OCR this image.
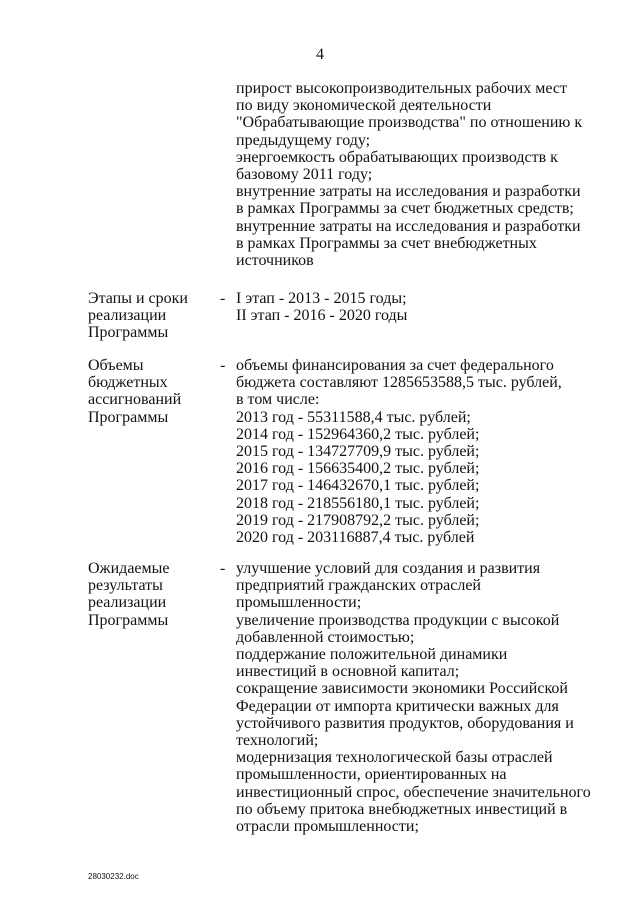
4
прирост высокопроизводительных рабочих мест
по виду экономической деятельности
"Обрабатывающие производства" по отношению к
предыдущему году;
энергоемкость обрабатывающих производств к
базовому 2011 году;
внутренние затраты на исследования и разработки
в рамках Программы за счет бюджетных средств;
внутренние затраты на исследования и разработки
в рамках Программы за счет внебюджетных
источников
Этапы и сроки
реализации
Программы
- I этап - 2013 - 2015 годы;
II этап - 2016 - 2020 годы
Объемы
бюджетных
ассигнований
Программы
- объемы финансирования за счет федерального
бюджета составляют 1285653588,5 тыс. рублей,
в том числе:
2013 год - 55311588,4 тыс. рублей;
2014 год - 152964360,2 тыс. рублей;
2015 год - 134727709,9 тыс. рублей;
2016 год - 156635400,2 тыс. рублей;
2017 год - 146432670,1 тыс. рублей;
2018 год - 218556180,1 тыс. рублей;
2019 год - 217908792,2 тыс. рублей;
2020 год - 203116887,4 тыс. рублей
Ожидаемые
результаты
реализации
Программы
- улучшение условий для создания и развития
предприятий гражданских отраслей
промышленности;
увеличение производства продукции с высокой
добавленной стоимостью;
поддержание положительной динамики
инвестиций в основной капитал;
сокращение зависимости экономики Российской
Федерации от импорта критически важных для
устойчивого развития продуктов, оборудования и
технологий;
модернизация технологической базы отраслей
промышленности, ориентированных на
инвестиционный спрос, обеспечение значительного
по объему притока внебюджетных инвестиций в
отрасли промышленности;
28030232.doc
